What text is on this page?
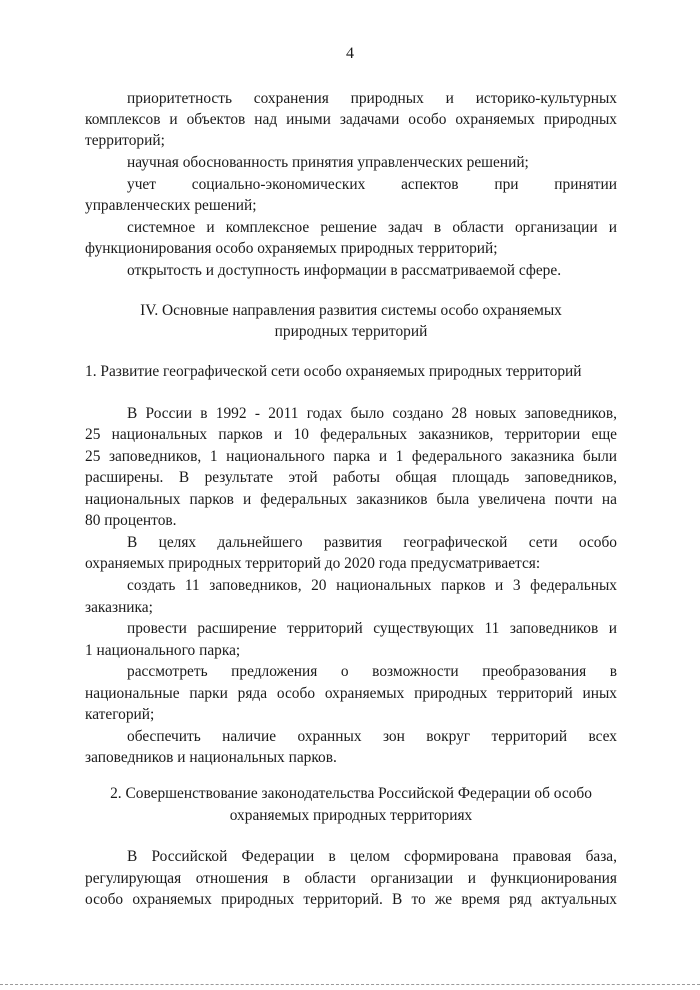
4
приоритетность сохранения природных и историко-культурных
комплексов и объектов над иными задачами особо охраняемых природных
территорий;
научная обоснованность принятия управленческих решений;
учет социально-экономических аспектов при принятии
управленческих решений;
системное и комплексное решение задач в области организации и
функционирования особо охраняемых природных территорий;
открытость и доступность информации в рассматриваемой сфере.
IV. Основные направления развития системы особо охраняемых
природных территорий
1. Развитие географической сети особо охраняемых природных территорий
В России в 1992 - 2011 годах было создано 28 новых заповедников,
25 национальных парков и 10 федеральных заказников, территории еще
25 заповедников, 1 национального парка и 1 федерального заказника были
расширены. В результате этой работы общая площадь заповедников,
национальных парков и федеральных заказников была увеличена почти на
80 процентов.
В целях дальнейшего развития географической сети особо
охраняемых природных территорий до 2020 года предусматривается:
создать 11 заповедников, 20 национальных парков и 3 федеральных
заказника;
провести расширение территорий существующих 11 заповедников и
1 национального парка;
рассмотреть предложения о возможности преобразования в
национальные парки ряда особо охраняемых природных территорий иных
категорий;
обеспечить наличие охранных зон вокруг территорий всех
заповедников и национальных парков.
2. Совершенствование законодательства Российской Федерации об особо
охраняемых природных территориях
В Российской Федерации в целом сформирована правовая база,
регулирующая отношения в области организации и функционирования
особо охраняемых природных территорий. В то же время ряд актуальных
